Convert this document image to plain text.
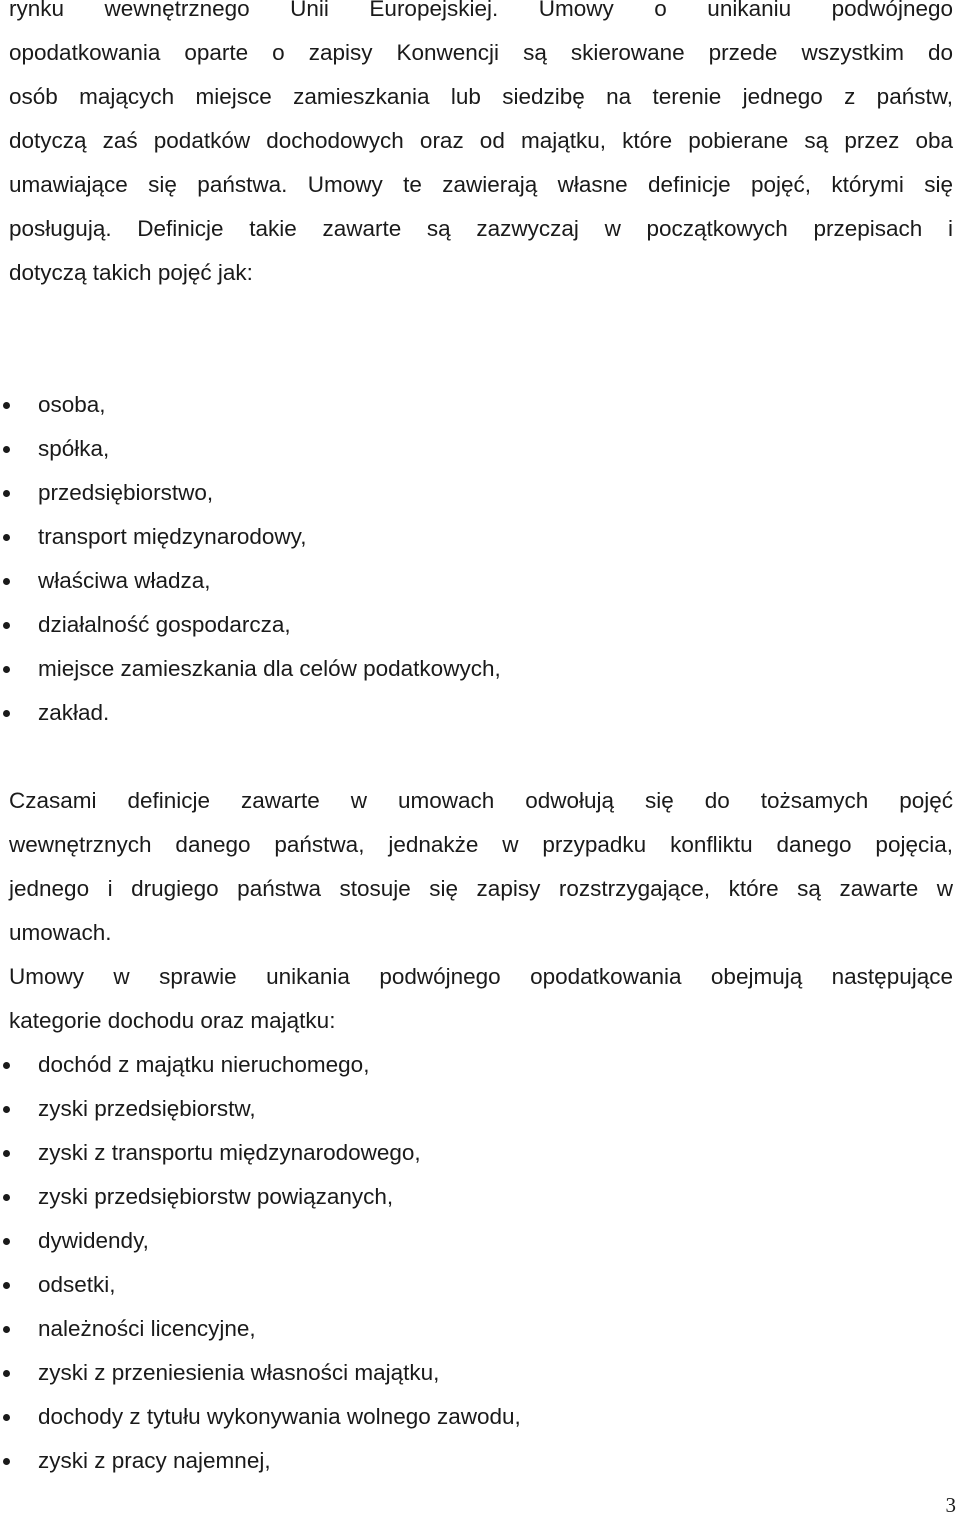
rynku wewnętrznego Unii Europejskiej. Umowy o unikaniu podwójnego

opodatkowania oparte o zapisy Konwencji są skierowane przede wszystkim do

osób mających miejsce zamieszkania lub siedzibę na terenie jednego z państw,

dotyczą zaś podatków dochodowych oraz od majątku, które pobierane są przez oba

umawiające się państwa. Umowy te zawierają własne definicje pojęć, którymi się

posługują. Definicje takie zawarte są zazwyczaj w początkowych przepisach i

dotyczą takich pojęć jak:

osoba,
spółka,
przedsiębiorstwo,
transport międzynarodowy,
właściwa władza,
działalność gospodarcza,
miejsce zamieszkania dla celów podatkowych,
zakład.

Czasami definicje zawarte w umowach odwołują się do tożsamych pojęć

wewnętrznych danego państwa, jednakże w przypadku konfliktu danego pojęcia,

jednego i drugiego państwa stosuje się zapisy rozstrzygające, które są zawarte w

umowach.

Umowy w sprawie unikania podwójnego opodatkowania obejmują następujące

kategorie dochodu oraz majątku:

dochód z majątku nieruchomego,
zyski przedsiębiorstw,
zyski z transportu międzynarodowego,
zyski przedsiębiorstw powiązanych,
dywidendy,
odsetki,
należności licencyjne,
zyski z przeniesienia własności majątku,
dochody z tytułu wykonywania wolnego zawodu,
zyski z pracy najemnej,
3
